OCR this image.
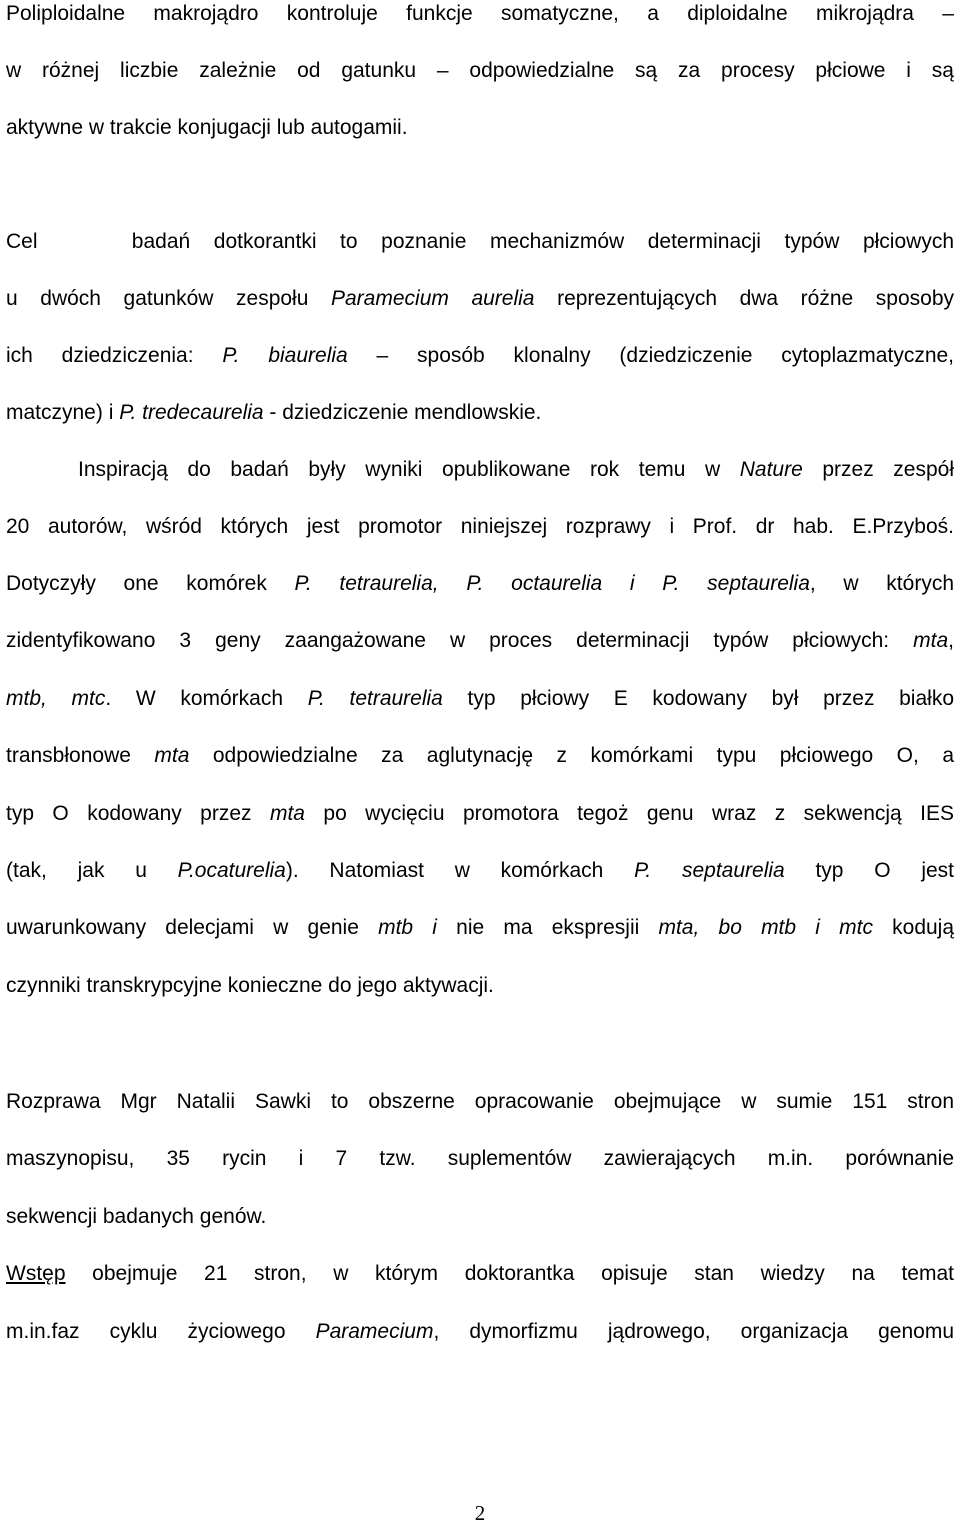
Poliploidalne makrojądro kontroluje funkcje somatyczne, a diploidalne mikrojądra –
w różnej liczbie zależnie od gatunku – odpowiedzialne są za procesy płciowe i są
aktywne w trakcie konjugacji lub autogamii.
Cel    badań dotkorantki to poznanie mechanizmów determinacji typów płciowych
u dwóch gatunków zespołu Paramecium aurelia reprezentujących dwa różne sposoby
ich dziedziczenia: P. biaurelia – sposób klonalny (dziedziczenie cytoplazmatyczne,
matczyne) i P. tredecaurelia - dziedziczenie mendlowskie.
Inspiracją do badań były wyniki opublikowane rok temu w Nature przez zespół
20 autorów, wśród których jest promotor niniejszej rozprawy i Prof. dr hab. E.Przyboś.
Dotyczyły one komórek P. tetraurelia, P. octaurelia i P. septaurelia, w których
zidentyfikowano 3 geny zaangażowane w proces determinacji typów płciowych: mta,
mtb, mtc. W komórkach P. tetraurelia typ płciowy E kodowany był przez białko
transbłonowe mta odpowiedzialne za aglutynację z komórkami typu płciowego O, a
typ O kodowany przez mta po wycięciu promotora tegoż genu wraz z sekwencją IES
(tak, jak u P.ocaturelia). Natomiast w komórkach P. septaurelia typ O jest
uwarunkowany delecjami w genie mtb i nie ma ekspresjii mta, bo mtb i mtc kodują
czynniki transkrypcyjne konieczne do jego aktywacji.
Rozprawa Mgr Natalii Sawki to obszerne opracowanie obejmujące w sumie 151 stron
maszynopisu, 35 rycin i 7 tzw. suplementów zawierających m.in. porównanie
sekwencji badanych genów.
Wstęp obejmuje 21 stron, w którym doktorantka opisuje stan wiedzy na temat
m.in.faz cyklu życiowego Paramecium, dymorfizmu jądrowego, organizacja genomu
2
